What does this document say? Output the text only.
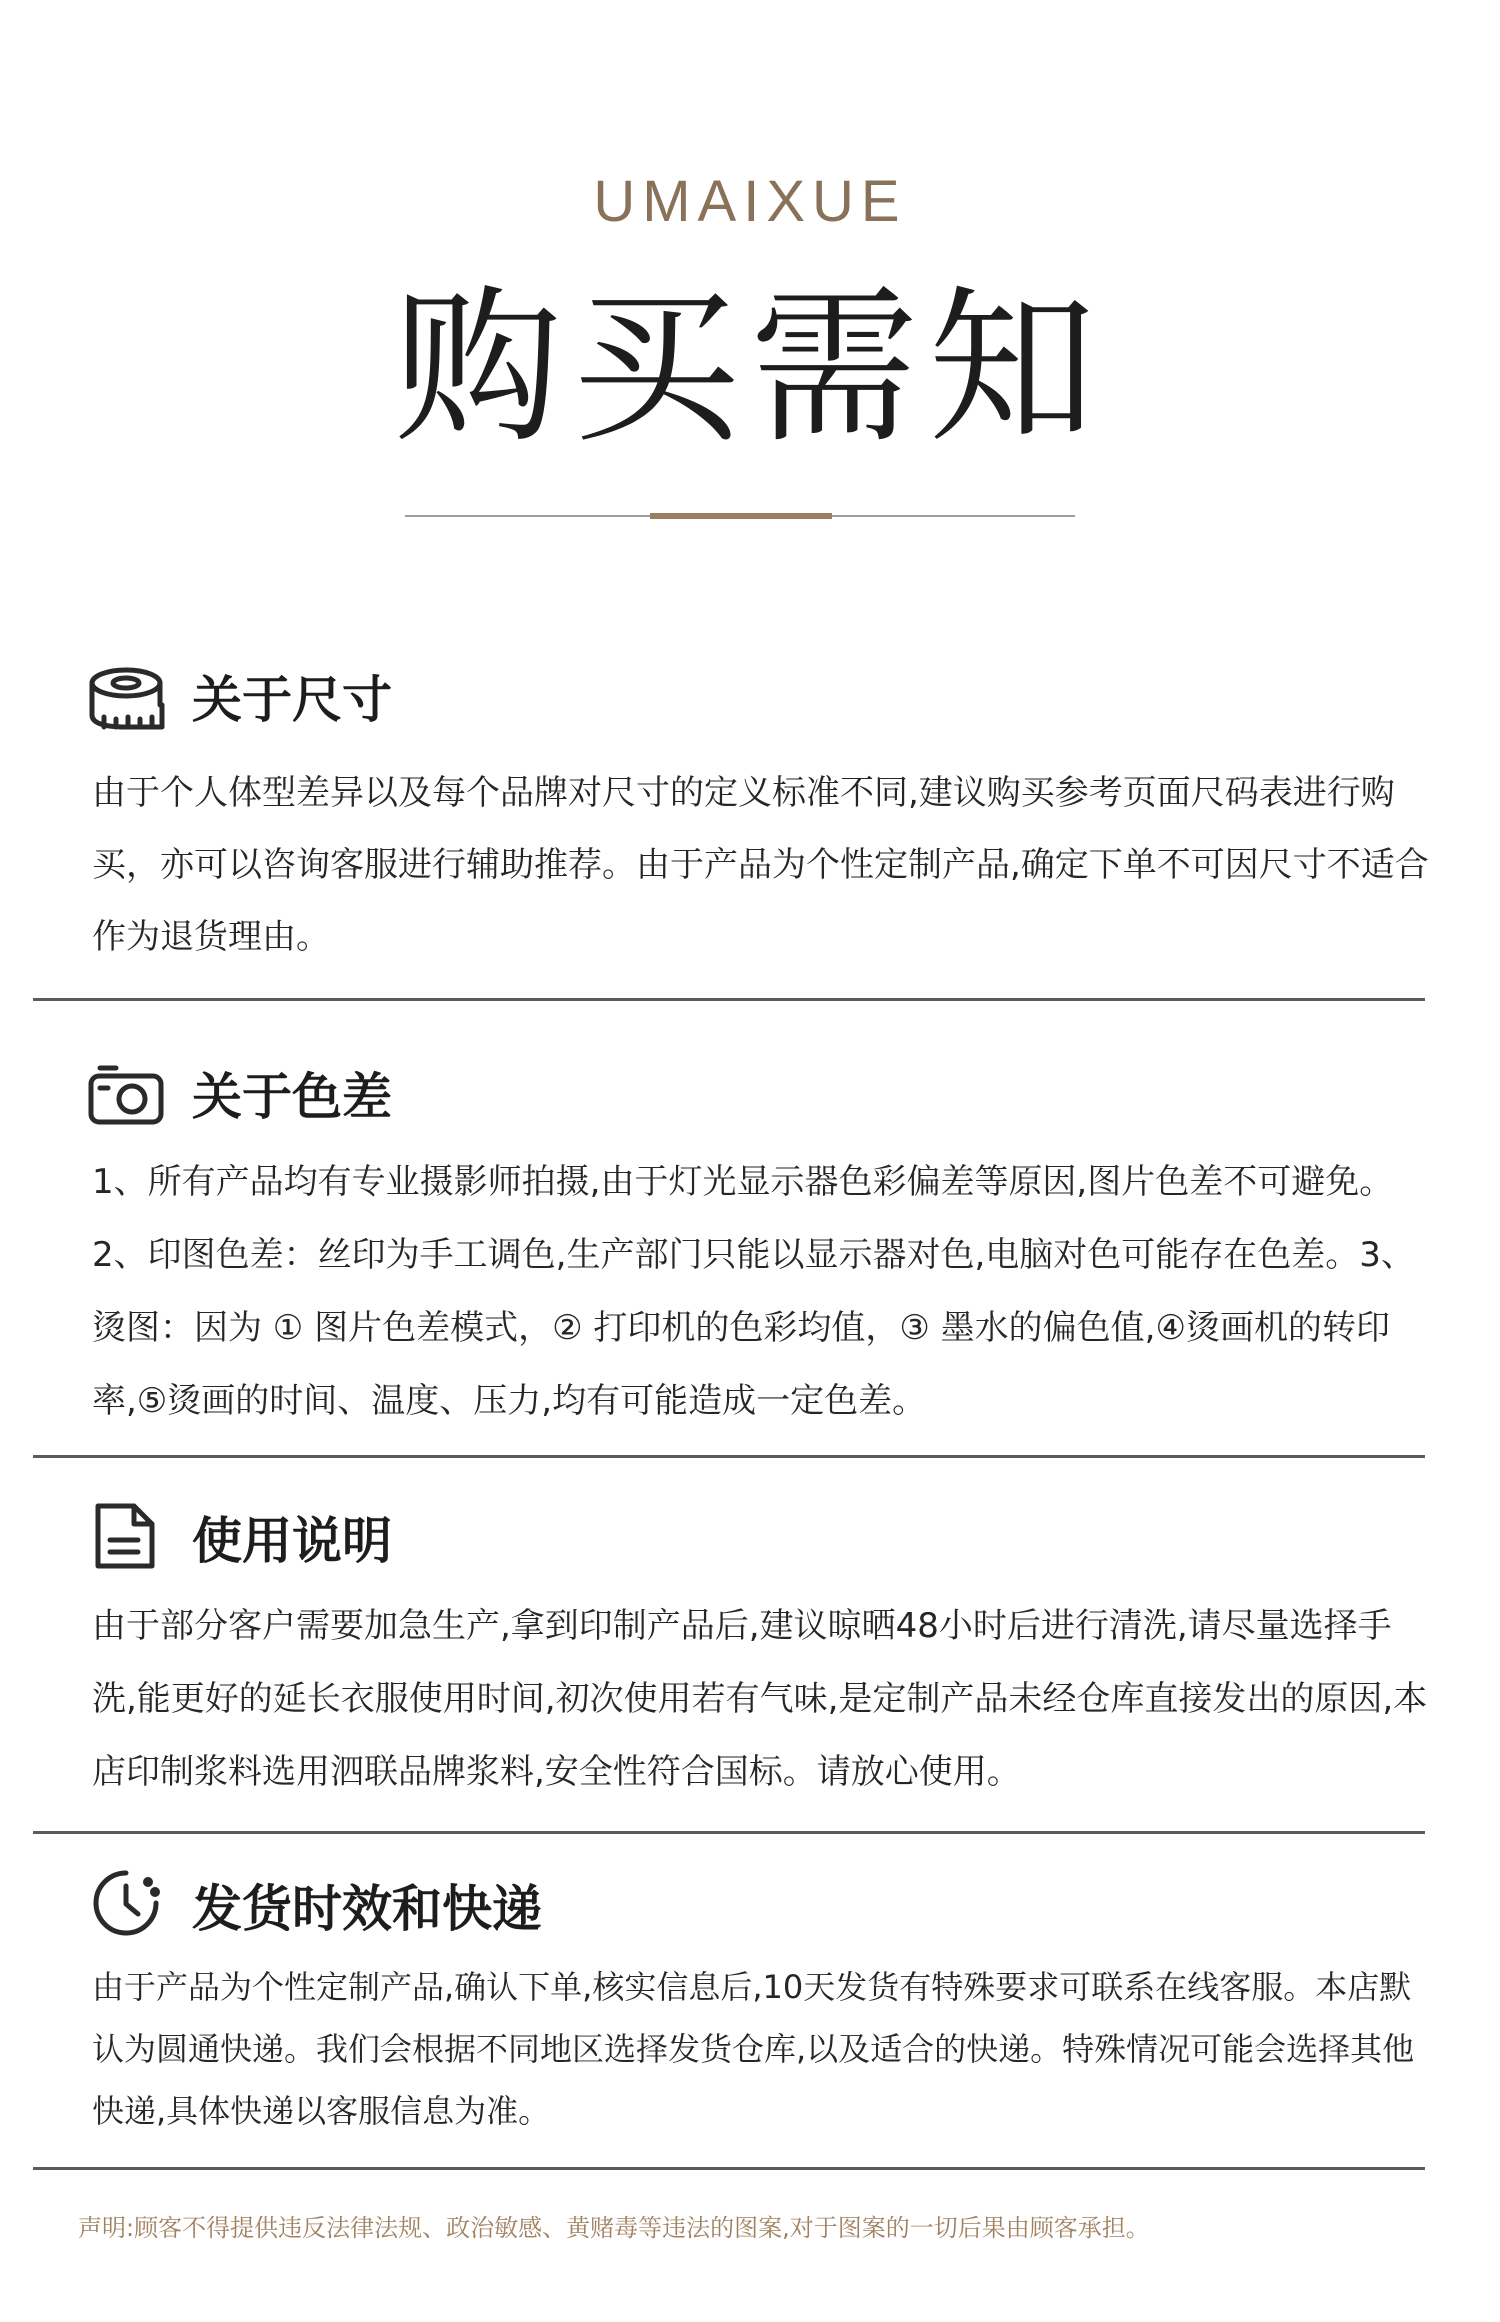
UMAIXUE
购买需知
关于尺寸

由于个人体型差异以及每个品牌对尺寸的定义标准不同,建议购买参考页面尺码表进行购买，亦可以咨询客服进行辅助推荐。由于产品为个性定制产品,确定下单不可因尺寸不适合作为退货理由。

关于色差

1、所有产品均有专业摄影师拍摄,由于灯光显示器色彩偏差等原因,图片色差不可避免。2、印图色差：丝印为手工调色,生产部门只能以显示器对色,电脑对色可能存在色差。3、烫图：因为 ① 图片色差模式，② 打印机的色彩均值，③ 墨水的偏色值,④烫画机的转印率,⑤烫画的时间、温度、压力,均有可能造成一定色差。

使用说明

由于部分客户需要加急生产,拿到印制产品后,建议晾晒48小时后进行清洗,请尽量选择手洗,能更好的延长衣服使用时间,初次使用若有气味,是定制产品未经仓库直接发出的原因,本店印制浆料选用泗联品牌浆料,安全性符合国标。请放心使用。

发货时效和快递

由于产品为个性定制产品,确认下单,核实信息后,10天发货有特殊要求可联系在线客服。本店默认为圆通快递。我们会根据不同地区选择发货仓库,以及适合的快递。特殊情况可能会选择其他快递,具体快递以客服信息为准。

声明:顾客不得提供违反法律法规、政治敏感、黄赌毒等违法的图案,对于图案的一切后果由顾客承担。
